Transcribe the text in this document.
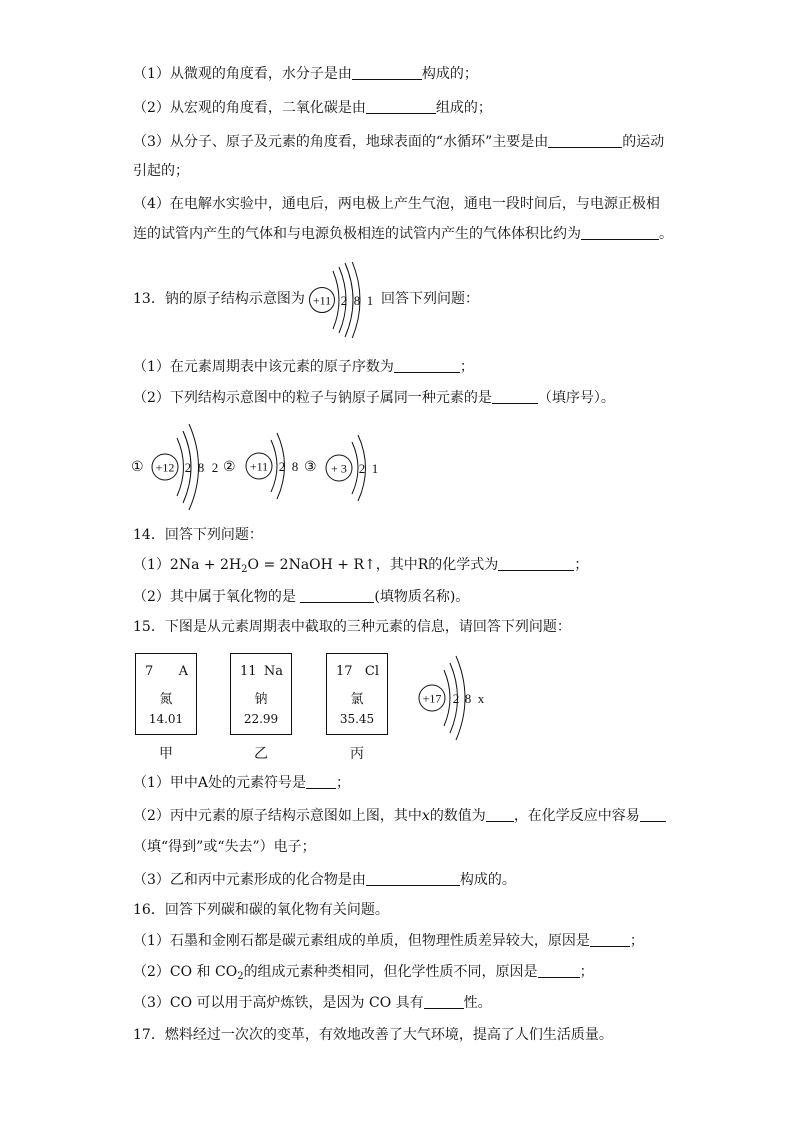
（1）从微观的角度看，水分子是由	构成的；
（2）从宏观的角度看，二氧化碳是由	组成的；
（3）从分子、原子及元素的角度看，地球表面的“水循环”主要是由	的运动
引起的；
（4）在电解水实验中，通电后，两电极上产生气泡，通电一段时间后，与电源正极相
连的试管内产生的气体和与电源负极相连的试管内产生的气体体积比约为	。
13．钠的原子结构示意图为 +11 2 8 1 回答下列问题：
（1）在元素周期表中该元素的原子序数为	；
（2）下列结构示意图中的粒子与钠原子属同一种元素的是	（填序号）。
① +12 2 8 2 ② +11 2 8 ③ + 3 2 1
14．回答下列问题：
$(1)2Na + 2H_2O$ = 2NaOH + R↑，其中R的化学式为	；
（2）其中属于氧化物的是	(填物质名称)。
15．下图是从元素周期表中截取的三种元素的信息，请回答下列问题：
7 A
氮
14.01
11 Na
钠
22.99
17 Cl
氯
35.45
甲	乙	丙
+17 2 8 x
（1）甲中A处的元素符号是 ；
（2）丙中元素的原子结构示意图如上图，其中x的数值为 ，在化学反应中容易
（填“得到”或“失去”）电子；
（3）乙和丙中元素形成的化合物是由	构成的。
16．回答下列碳和碳的氧化物有关问题。
（1）石墨和金刚石都是碳元素组成的单质，但物理性质差异较大，原因是	；
（2）CO 和 $CO_2$的组成元素种类相同，但化学性质不同，原因是	；
（3）CO 可以用于高炉炼铁，是因为 CO 具有	性。
17．燃料经过一次次的变革，有效地改善了大气环境，提高了人们生活质量。
